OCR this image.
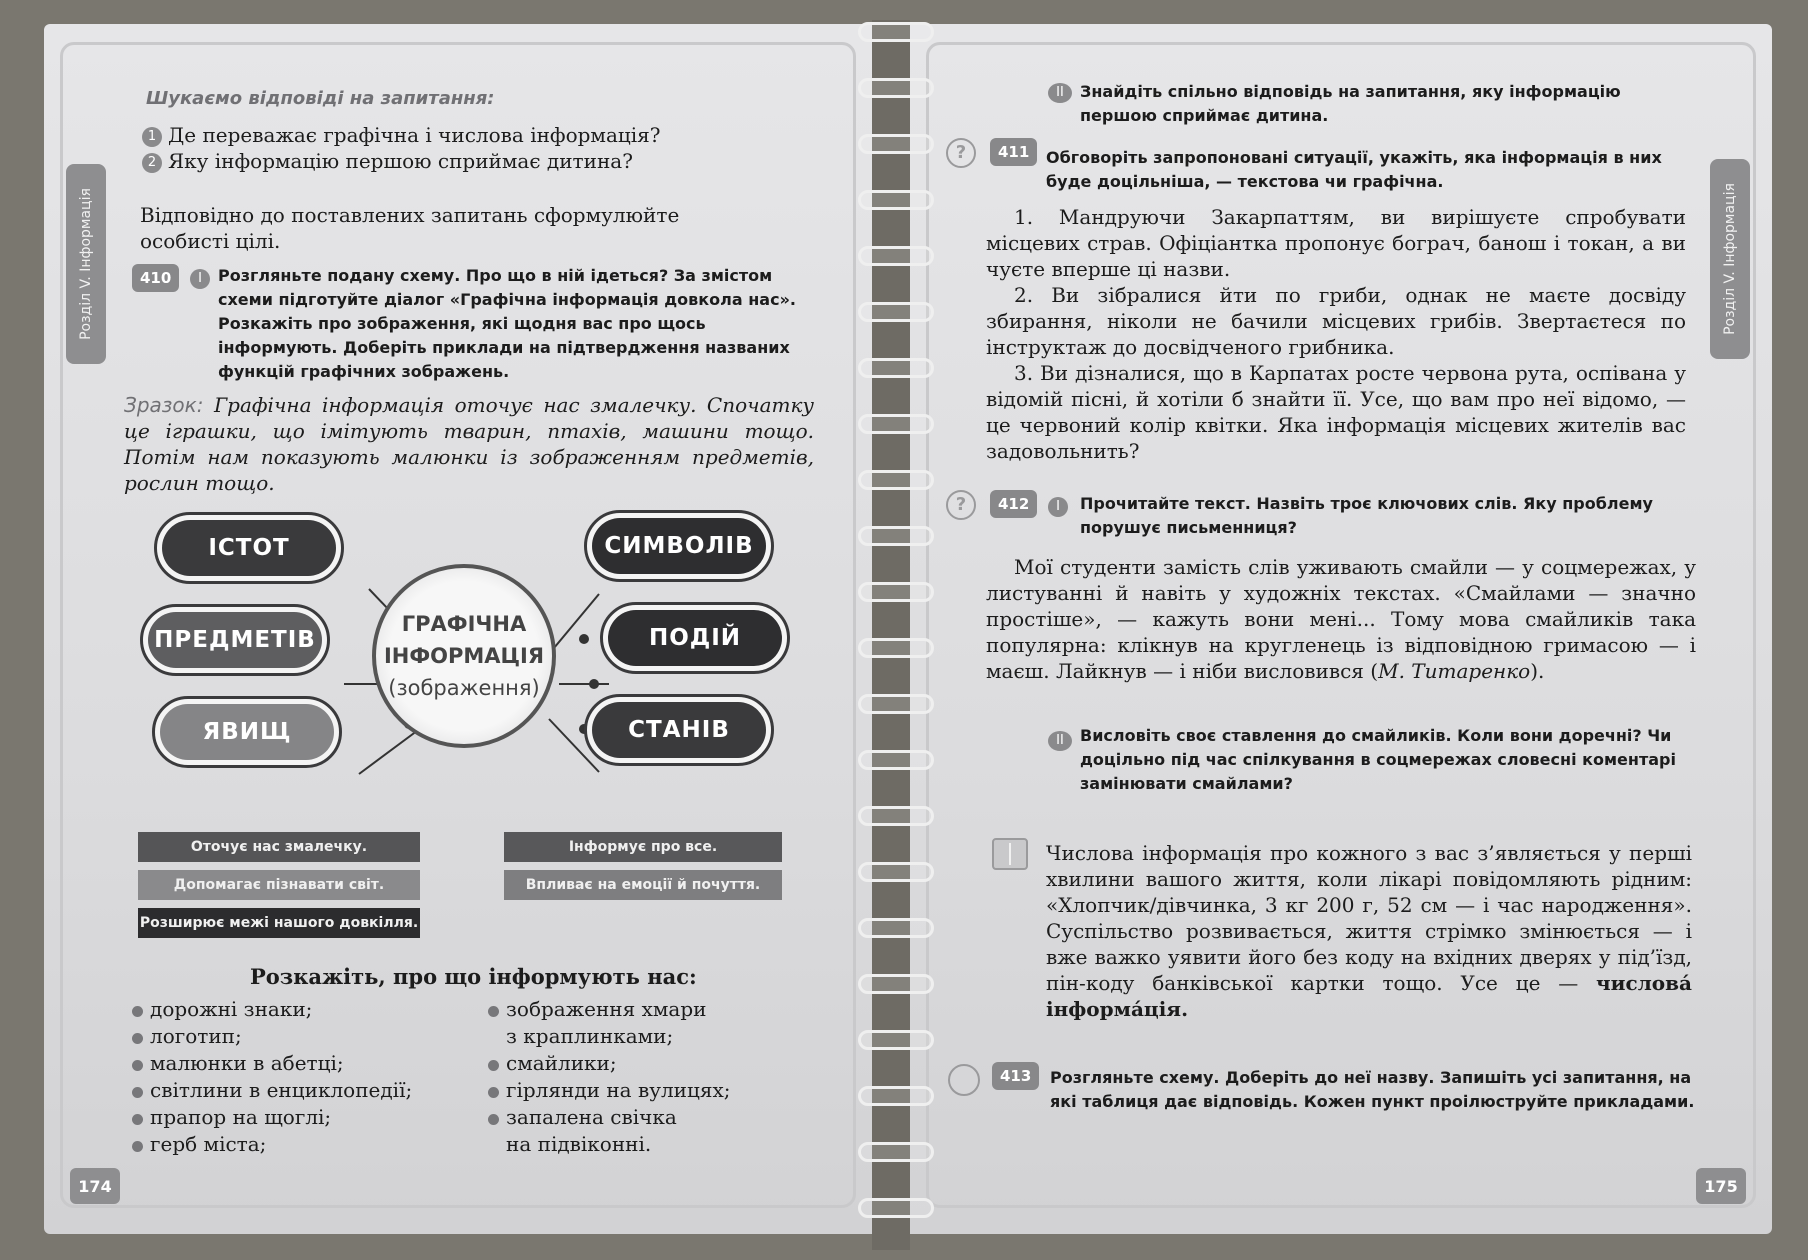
Розділ V. Інформація
Шукаємо відповіді на запитання:
1 Де переважає графічна і числова інформація?
2 Яку інформацію першою сприймає дитина?
Відповідно до поставлених запитань сформулюйте особисті цілі.
410	I	Розгляньте подану схему. Про що в ній ідеться? За змістом схеми підготуйте діалог «Графічна інформація довкола нас». Розкажіть про зображення, які щодня вас про щось інформують. Доберіть приклади на підтвердження названих функцій графічних зображень.
Зразок: Графічна інформація оточує нас змалечку. Спочатку це іграшки, що імітують тварин, птахів, машини тощо. Потім нам показують малюнки із зображенням предметів, рослин тощо.
ГРАФІЧНА
ІНФОРМАЦІЯ
(зображення)
ІСТОТ
ПРЕДМЕТІВ
ЯВИЩ
СИМВОЛІВ
ПОДІЙ
СТАНІВ
Оточує нас змалечку.
Допомагає пізнавати світ.
Розширює межі нашого довкілля.
Інформує про все.
Впливає на емоції й почуття.
Розкажіть, про що інформують нас:
дорожні знаки;
логотип;
малюнки в абетці;
світлини в енциклопедії;
прапор на щоглі;
герб міста;
зображення хмари
з краплинками;
смайлики;
гірлянди на вулицях;
запалена свічка
на підвіконні.
174
Розділ V. Інформація
II	Знайдіть спільно відповідь на запитання, яку інформацію першою сприймає дитина.
?	411	Обговоріть запропоновані ситуації, укажіть, яка інформація в них буде доцільніша, — текстова чи графічна.
1. Мандруючи Закарпаттям, ви вирішуєте спробувати місцевих страв. Офіціантка пропонує бограч, банош і токан, а ви чуєте вперше ці назви.
2. Ви зібралися йти по гриби, однак не маєте досвіду збирання, ніколи не бачили місцевих грибів. Звертаєтеся по інструктаж до досвідченого грибника.
3. Ви дізналися, що в Карпатах росте червона рута, оспівана у відомій пісні, й хотіли б знайти її. Усе, що вам про неї відомо, — це червоний колір квітки. Яка інформація місцевих жителів вас задовольнить?
?	412	I	Прочитайте текст. Назвіть троє ключових слів. Яку проблему порушує письменниця?
Мої студенти замість слів уживають смайли — у соцмережах, у листуванні й навіть у художніх текстах. «Смайлами — значно простіше», — кажуть вони мені... Тому мова смайликів така популярна: клікнув на кругленець із відповідною гримасою — і маєш. Лайкнув — і ніби висловився (М. Титаренко).
II	Висловіть своє ставлення до смайликів. Коли вони доречні? Чи доцільно під час спілкування в соцмережах словесні коментарі замінювати смайлами?
Числова інформація про кожного з вас з’являється у перші хвилини вашого життя, коли лікарі повідомляють рідним: «Хлопчик/дівчинка, 3 кг 200 г, 52 см — і час народження». Суспільство розвивається, життя стрімко змінюється — і вже важко уявити його без коду на вхідних дверях у під’їзд, пін-коду банківської картки тощо. Усе це — числова́ інформа́ція.
413	Розгляньте схему. Доберіть до неї назву. Запишіть усі запитання, на які таблиця дає відповідь. Кожен пункт проілюструйте прикладами.
175
